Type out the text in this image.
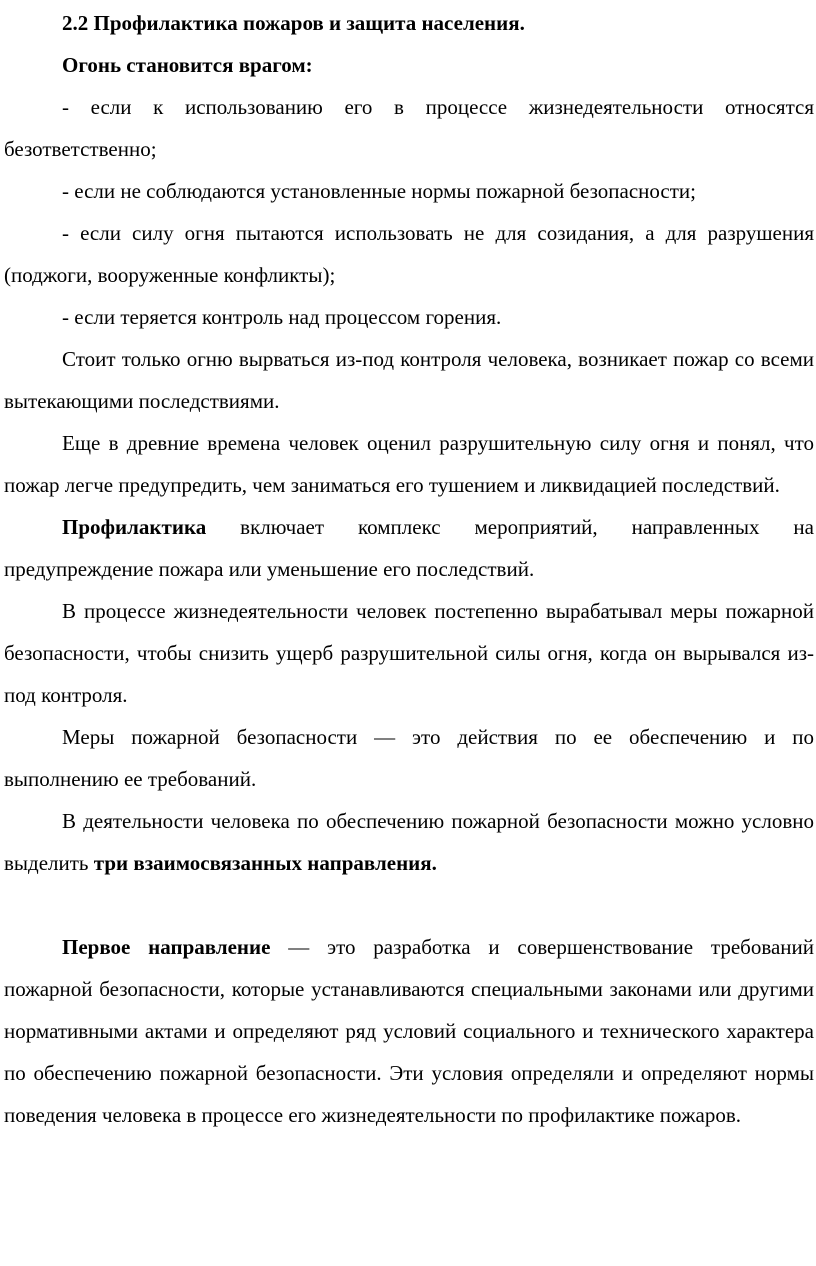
2.2 Профилактика пожаров и защита населения.

Огонь становится врагом:

- если к использованию его в процессе жизнедеятельности относятся безответственно;

- если не соблюдаются установленные нормы пожарной безопасности;

- если силу огня пытаются использовать не для созидания, а для разрушения (поджоги, вооруженные конфликты);

- если теряется контроль над процессом горения.

Стоит только огню вырваться из-под контроля человека, возникает пожар со всеми вытекающими последствиями.

Еще в древние времена человек оценил разрушительную силу огня и понял, что пожар легче предупредить, чем заниматься его тушением и ликвидацией последствий.

Профилактика включает комплекс мероприятий, направленных на предупреждение пожара или уменьшение его последствий.

В процессе жизнедеятельности человек постепенно вырабатывал меры пожарной безопасности, чтобы снизить ущерб разрушительной силы огня, когда он вырывался из-под контроля.

Меры пожарной безопасности — это действия по ее обеспечению и по выполнению ее требований.

В деятельности человека по обеспечению пожарной безопасности можно условно выделить три взаимосвязанных направления.

Первое направление — это разработка и совершенствование требований пожарной безопасности, которые устанавливаются специальными законами или другими нормативными актами и определяют ряд условий социального и технического характера по обеспечению пожарной безопасности. Эти условия определяли и определяют нормы поведения человека в процессе его жизнедеятельности по профилактике пожаров.
